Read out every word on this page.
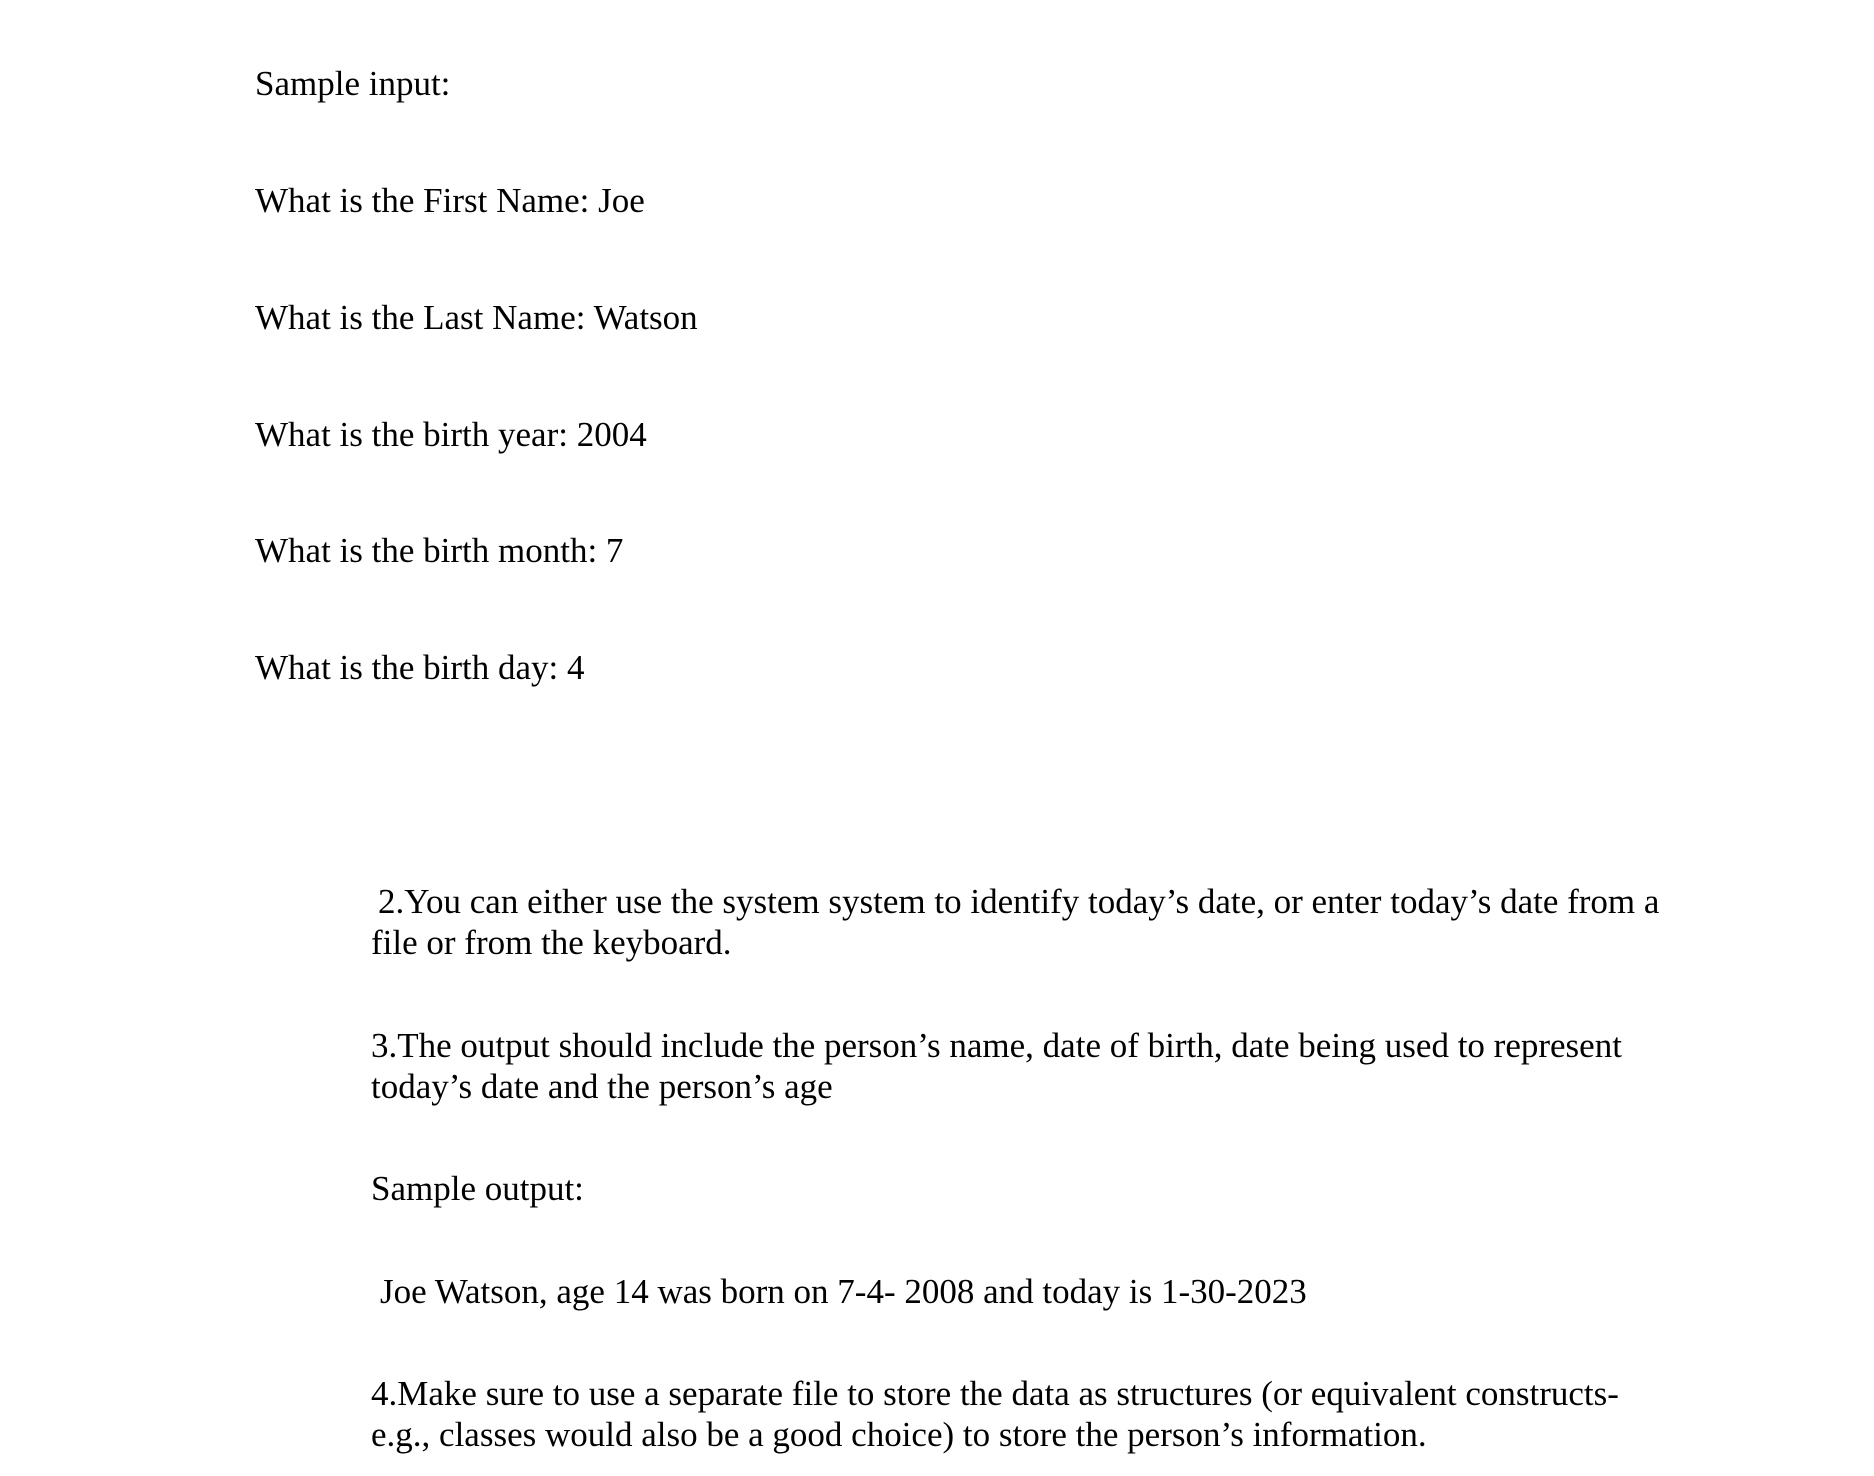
Sample input:

What is the First Name: Joe

What is the Last Name: Watson

What is the birth year: 2004

What is the birth month: 7

What is the birth day: 4

2.You can either use the system system to identify today’s date, or enter today’s date from a

file or from the keyboard.

3.The output should include the person’s name, date of birth, date being used to represent

today’s date and the person’s age

Sample output:

Joe Watson, age 14 was born on 7-4- 2008 and today is 1-30-2023

4.Make sure to use a separate file to store the data as structures (or equivalent constructs-

e.g., classes would also be a good choice) to store the person’s information.
